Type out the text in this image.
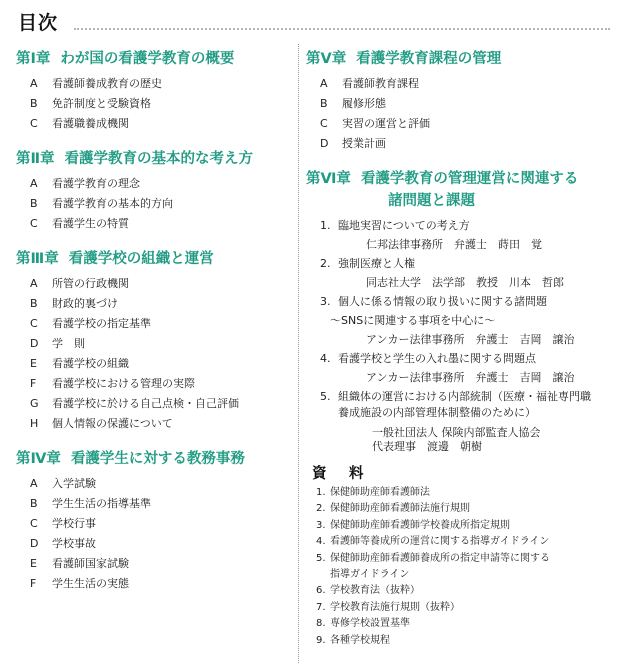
目次
第Ⅰ章 わが国の看護学教育の概要
A 看護師養成教育の歴史
B 免許制度と受験資格
C 看護職養成機関
第Ⅱ章 看護学教育の基本的な考え方
A 看護学教育の理念
B 看護学教育の基本的方向
C 看護学生の特質
第Ⅲ章 看護学校の組織と運営
A 所管の行政機関
B 財政的裏づけ
C 看護学校の指定基準
D 学　則
E 看護学校の組織
F 看護学校における管理の実際
G 看護学校に於ける自己点検・自己評価
H 個人情報の保護について
第Ⅳ章 看護学生に対する教務事務
A 入学試験
B 学生生活の指導基準
C 学校行事
D 学校事故
E 看護師国家試験
F 学生生活の実態
第Ⅴ章 看護学教育課程の管理
A 看護師教育課程
B 履修形態
C 実習の運営と評価
D 授業計画
第Ⅵ章 看護学教育の管理運営に関連する
諸問題と課題
1. 臨地実習についての考え方
仁邦法律事務所　弁護士　蒔田　覚
2. 強制医療と人権
同志社大学　法学部　教授　川本　哲郎
3. 個人に係る情報の取り扱いに関する諸問題
～SNSに関連する事項を中心に～
アンカー法律事務所　弁護士　吉岡　譲治
4. 看護学校と学生の入れ墨に関する問題点
アンカー法律事務所　弁護士　吉岡　譲治
5. 組織体の運営における内部統制（医療・福祉専門職
養成施設の内部管理体制整備のために）
一般社団法人 保険内部監査人協会
代表理事　渡邊　朝樹
資　料
1. 保健師助産師看護師法
2. 保健師助産師看護師法施行規則
3. 保健師助産師看護師学校養成所指定規則
4. 看護師等養成所の運営に関する指導ガイドライン
5. 保健師助産師看護師養成所の指定申請等に関する
指導ガイドライン
6. 学校教育法（抜粋）
7. 学校教育法施行規則（抜粋）
8. 専修学校設置基準
9. 各種学校規程
